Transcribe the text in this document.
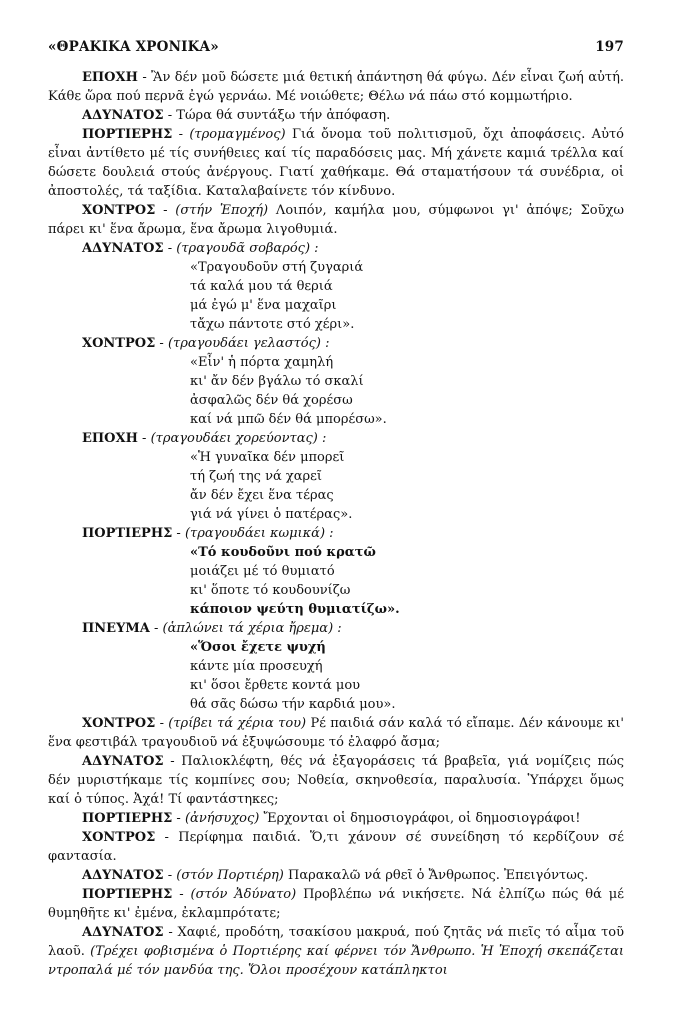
«ΘΡΑΚΙΚΑ ΧΡΟΝΙΚΑ»	197

ΕΠΟΧΗ - Ἂν δέν μοῦ δώσετε μιά θετική ἀπάντηση θά φύγω. Δέν εἶναι ζωή αὐτή. Κάθε ὥρα πού περνᾶ ἐγώ γερνάω. Μέ νοιώθετε; Θέλω νά πάω στό κομμωτήριο.

ΑΔΥΝΑΤΟΣ - Τώρα θά συντάξω τήν ἀπόφαση.

ΠΟΡΤΙΕΡΗΣ - (τρομαγμένος) Γιά ὄνομα τοῦ πολιτισμοῦ, ὄχι ἀποφάσεις. Αὐτό εἶναι ἀντίθετο μέ τίς συνήθειες καί τίς παραδόσεις μας. Μή χάνετε καμιά τρέλλα καί δώσετε δουλειά στούς ἀνέργους. Γιατί χαθήκαμε. Θά σταματήσουν τά συνέδρια, οἱ ἀποστολές, τά ταξίδια. Καταλαβαίνετε τόν κίνδυνο.

ΧΟΝΤΡΟΣ - (στήν Ἐποχή) Λοιπόν, καμήλα μου, σύμφωνοι γι' ἀπόψε; Σοῦχω πάρει κι' ἕνα ἄρωμα, ἕνα ἄρωμα λιγοθυμιά.

ΑΔΥΝΑΤΟΣ - (τραγουδᾶ σοβαρός) :

«Τραγουδοῦν στή ζυγαριά
τά καλά μου τά θεριά
μά ἐγώ μ' ἕνα μαχαῖρι
τἄχω πάντοτε στό χέρι».

ΧΟΝΤΡΟΣ - (τραγουδάει γελαστός) :

«Εἶν' ἡ πόρτα χαμηλή
κι' ἄν δέν βγάλω τό σκαλί
ἀσφαλῶς δέν θά χορέσω
καί νά μπῶ δέν θά μπορέσω».

ΕΠΟΧΗ - (τραγουδάει χορεύοντας) :

«Ἡ γυναῖκα δέν μπορεῖ
τή ζωή της νά χαρεῖ
ἄν δέν ἔχει ἕνα τέρας
γιά νά γίνει ὁ πατέρας».

ΠΟΡΤΙΕΡΗΣ - (τραγουδάει κωμικά) :

«Τό κουδοῦνι πού κρατῶ
μοιάζει μέ τό θυμιατό
κι' ὅποτε τό κουδουνίζω
κάποιον ψεύτη θυμιατίζω».

ΠΝΕΥΜΑ - (ἁπλώνει τά χέρια ἤρεμα) :

«Ὅσοι ἔχετε ψυχή
κάντε μία προσευχή
κι' ὅσοι ἔρθετε κοντά μου
θά σᾶς δώσω τήν καρδιά μου».

ΧΟΝΤΡΟΣ - (τρίβει τά χέρια του) Ρέ παιδιά σάν καλά τό εἴπαμε. Δέν κάνουμε κι' ἕνα φεστιβάλ τραγουδιοῦ νά ἐξυψώσουμε τό ἐλαφρό ἄσμα;

ΑΔΥΝΑΤΟΣ - Παλιοκλέφτη, θές νά ἐξαγοράσεις τά βραβεῖα, γιά νομίζεις πώς δέν μυριστήκαμε τίς κομπίνες σου; Νοθεία, σκηνοθεσία, παραλυσία. Ὑπάρχει ὅμως καί ὁ τύπος. Ἀχά! Τί φαντάστηκες;

ΠΟΡΤΙΕΡΗΣ - (ἀνήσυχος) Ἔρχονται οἱ δημοσιογράφοι, οἱ δημοσιογράφοι!

ΧΟΝΤΡΟΣ - Περίφημα παιδιά. Ὅ,τι χάνουν σέ συνείδηση τό κερδίζουν σέ φαντασία.

ΑΔΥΝΑΤΟΣ - (στόν Πορτιέρη) Παρακαλῶ νά ρθεῖ ὁ Ἄνθρωπος. Ἐπειγόντως.

ΠΟΡΤΙΕΡΗΣ - (στόν Ἀδύνατο) Προβλέπω νά νικήσετε. Νά ἐλπίζω πώς θά μέ θυμηθῆτε κι' ἐμένα, ἐκλαμπρότατε;

ΑΔΥΝΑΤΟΣ - Χαφιέ, προδότη, τσακίσου μακρυά, πού ζητᾶς νά πιεῖς τό αἷμα τοῦ λαοῦ. (Τρέχει φοβισμένα ὁ Πορτιέρης καί φέρνει τόν Ἄνθρωπο. Ἡ Ἐποχή σκεπάζεται ντροπαλά μέ τόν μανδύα της. Ὅλοι προσέχουν κατάπληκτοι
